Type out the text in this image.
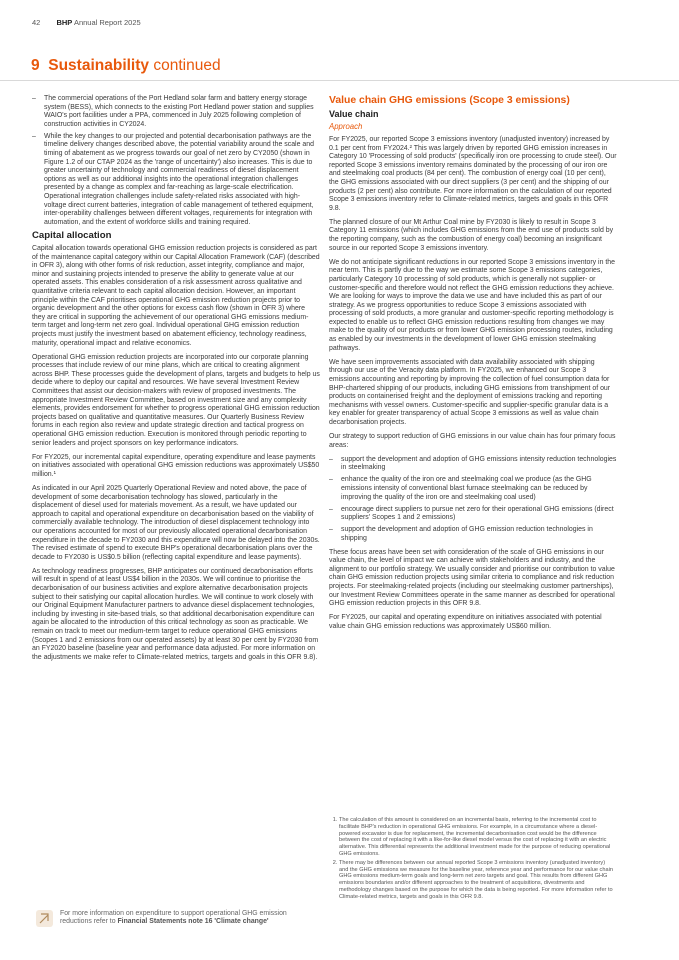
42 BHP Annual Report 2025
9 Sustainability continued
– The commercial operations of the Port Hedland solar farm and battery energy storage system (BESS), which connects to the existing Port Hedland power station and supplies WAIO's port facilities under a PPA, commenced in July 2025 following completion of construction activities in CY2024.
– While the key changes to our projected and potential decarbonisation pathways are the timeline delivery changes described above, the potential variability around the scale and timing of abatement as we progress towards our goal of net zero by CY2050 (shown in Figure 1.2 of our CTAP 2024 as the 'range of uncertainty') also increases. This is due to greater uncertainty of technology and commercial readiness of diesel displacement options as well as our additional insights into the operational integration challenges presented by a change as complex and far-reaching as large-scale electrification. Operational integration challenges include safety-related risks associated with high-voltage direct current batteries, integration of cable management of tethered equipment, inter-operability challenges between different voltages, requirements for integration with automation, and the extent of workforce skills and training required.
Capital allocation

Capital allocation towards operational GHG emission reduction projects is considered as part of the maintenance capital category within our Capital Allocation Framework (CAF) (described in OFR 3), along with other forms of risk reduction, asset integrity, compliance and major, minor and sustaining projects intended to preserve the ability to generate value at our operated assets. This enables consideration of a risk assessment across qualitative and quantitative criteria relevant to each capital allocation decision. However, an important principle within the CAF prioritises operational GHG emission reduction projects prior to organic development and the other options for excess cash flow (shown in OFR 3) where they are critical in supporting the achievement of our operational GHG emissions medium-term target and long-term net zero goal. Individual operational GHG emission reduction projects must justify the investment based on abatement efficiency, technology readiness, maturity, operational impact and relative economics.

Operational GHG emission reduction projects are incorporated into our corporate planning processes that include review of our mine plans, which are critical to creating alignment across BHP. These processes guide the development of plans, targets and budgets to help us decide where to deploy our capital and resources. We have several Investment Review Committees that assist our decision-makers with review of proposed investments. The appropriate Investment Review Committee, based on investment size and any complexity elements, provides endorsement for whether to progress operational GHG emission reduction projects based on qualitative and quantitative measures. Our Quarterly Business Review forums in each region also review and update strategic direction and tactical progress on operational GHG emission reduction. Execution is monitored through periodic reporting to senior leaders and project sponsors on key performance indicators.

For FY2025, our incremental capital expenditure, operating expenditure and lease payments on initiatives associated with operational GHG emission reductions was approximately US$50 million.¹

As indicated in our April 2025 Quarterly Operational Review and noted above, the pace of development of some decarbonisation technology has slowed, particularly in the displacement of diesel used for materials movement. As a result, we have updated our approach to capital and operational expenditure on decarbonisation based on the viability of commercially available technology. The introduction of diesel displacement technology into our operations accounted for most of our previously allocated operational decarbonisation expenditure in the decade to FY2030 and this expenditure will now be delayed into the 2030s. The revised estimate of spend to execute BHP's operational decarbonisation plans over the decade to FY2030 is US$0.5 billion (reflecting capital expenditure and lease payments).

As technology readiness progresses, BHP anticipates our continued decarbonisation efforts will result in spend of at least US$4 billion in the 2030s. We will continue to prioritise the decarbonisation of our business activities and explore alternative decarbonisation projects subject to their satisfying our capital allocation hurdles. We will continue to work closely with our Original Equipment Manufacturer partners to advance diesel displacement technologies, including by investing in site-based trials, so that additional decarbonisation expenditure can again be allocated to the introduction of this critical technology as soon as practicable. We remain on track to meet our medium-term target to reduce operational GHG emissions (Scopes 1 and 2 emissions from our operated assets) by at least 30 per cent by FY2030 from an FY2020 baseline (baseline year and performance data adjusted. For more information on the adjustments we make refer to Climate-related metrics, targets and goals in this OFR 9.8).

For more information on expenditure to support operational GHG emission reductions refer to Financial Statements note 16 'Climate change'
Value chain GHG emissions (Scope 3 emissions)
Value chain
Approach

For FY2025, our reported Scope 3 emissions inventory (unadjusted inventory) increased by 0.1 per cent from FY2024.² This was largely driven by reported GHG emission increases in Category 10 'Processing of sold products' (specifically iron ore processing to crude steel). Our reported Scope 3 emissions inventory remains dominated by the processing of our iron ore and steelmaking coal products (84 per cent). The combustion of energy coal (10 per cent), the GHG emissions associated with our direct suppliers (3 per cent) and the shipping of our products (2 per cent) also contribute. For more information on the calculation of our reported Scope 3 emissions inventory refer to Climate-related metrics, targets and goals in this OFR 9.8.

The planned closure of our Mt Arthur Coal mine by FY2030 is likely to result in Scope 3 Category 11 emissions (which includes GHG emissions from the end use of products sold by the reporting company, such as the combustion of energy coal) becoming an insignificant source in our reported Scope 3 emissions inventory.

We do not anticipate significant reductions in our reported Scope 3 emissions inventory in the near term. This is partly due to the way we estimate some Scope 3 emissions categories, particularly Category 10 processing of sold products, which is generally not supplier- or customer-specific and therefore would not reflect the GHG emission reductions they achieve. We are looking for ways to improve the data we use and have included this as part of our strategy. As we progress opportunities to reduce Scope 3 emissions associated with processing of sold products, a more granular and customer-specific reporting methodology is expected to enable us to reflect GHG emission reductions resulting from changes we may make to the quality of our products or from lower GHG emission processing routes, including as enabled by our investments in the development of lower GHG emission steelmaking pathways.

We have seen improvements associated with data availability associated with shipping through our use of the Veracity data platform. In FY2025, we enhanced our Scope 3 emissions accounting and reporting by improving the collection of fuel consumption data for BHP-chartered shipping of our products, including GHG emissions from transhipment of our products on containerised freight and the deployment of emissions tracking and reporting mechanisms with vessel owners. Customer-specific and supplier-specific granular data is a key enabler for greater transparency of actual Scope 3 emissions as well as value chain decarbonisation projects.

Our strategy to support reduction of GHG emissions in our value chain has four primary focus areas:

– support the development and adoption of GHG emissions intensity reduction technologies in steelmaking
– enhance the quality of the iron ore and steelmaking coal we produce (as the GHG emissions intensity of conventional blast furnace steelmaking can be reduced by improving the quality of the iron ore and steelmaking coal used)
– encourage direct suppliers to pursue net zero for their operational GHG emissions (direct suppliers' Scopes 1 and 2 emissions)
– support the development and adoption of GHG emission reduction technologies in shipping

These focus areas have been set with consideration of the scale of GHG emissions in our value chain, the level of impact we can achieve with stakeholders and industry, and the alignment to our portfolio strategy. We usually consider and prioritise our contribution to value chain GHG emission reduction projects using similar criteria to compliance and risk reduction projects. For steelmaking-related projects (including our steelmaking customer partnerships), our Investment Review Committees operate in the same manner as described for operational GHG emission reduction projects in this OFR 9.8.

For FY2025, our capital and operating expenditure on initiatives associated with potential value chain GHG emission reductions was approximately US$60 million.

1. The calculation of this amount is considered on an incremental basis, referring to the incremental cost to facilitate BHP's reduction in operational GHG emissions. For example, in a circumstance where a diesel-powered excavator is due for replacement, the incremental decarbonisation cost would be the difference between the cost of replacing it with a like-for-like diesel model versus the cost of replacing it with an electric alternative. This differential represents the additional investment made for the purpose of reducing operational GHG emissions.
2. There may be differences between our annual reported Scope 3 emissions inventory (unadjusted inventory) and the GHG emissions we measure for the baseline year, reference year and performance for our value chain GHG emissions medium-term goals and long-term net zero targets and goal. This results from different GHG emissions boundaries and/or different approaches to the treatment of acquisitions, divestments and methodology changes based on the purpose for which the data is being reported. For more information refer to Climate-related metrics, targets and goals in this OFR 9.8.
